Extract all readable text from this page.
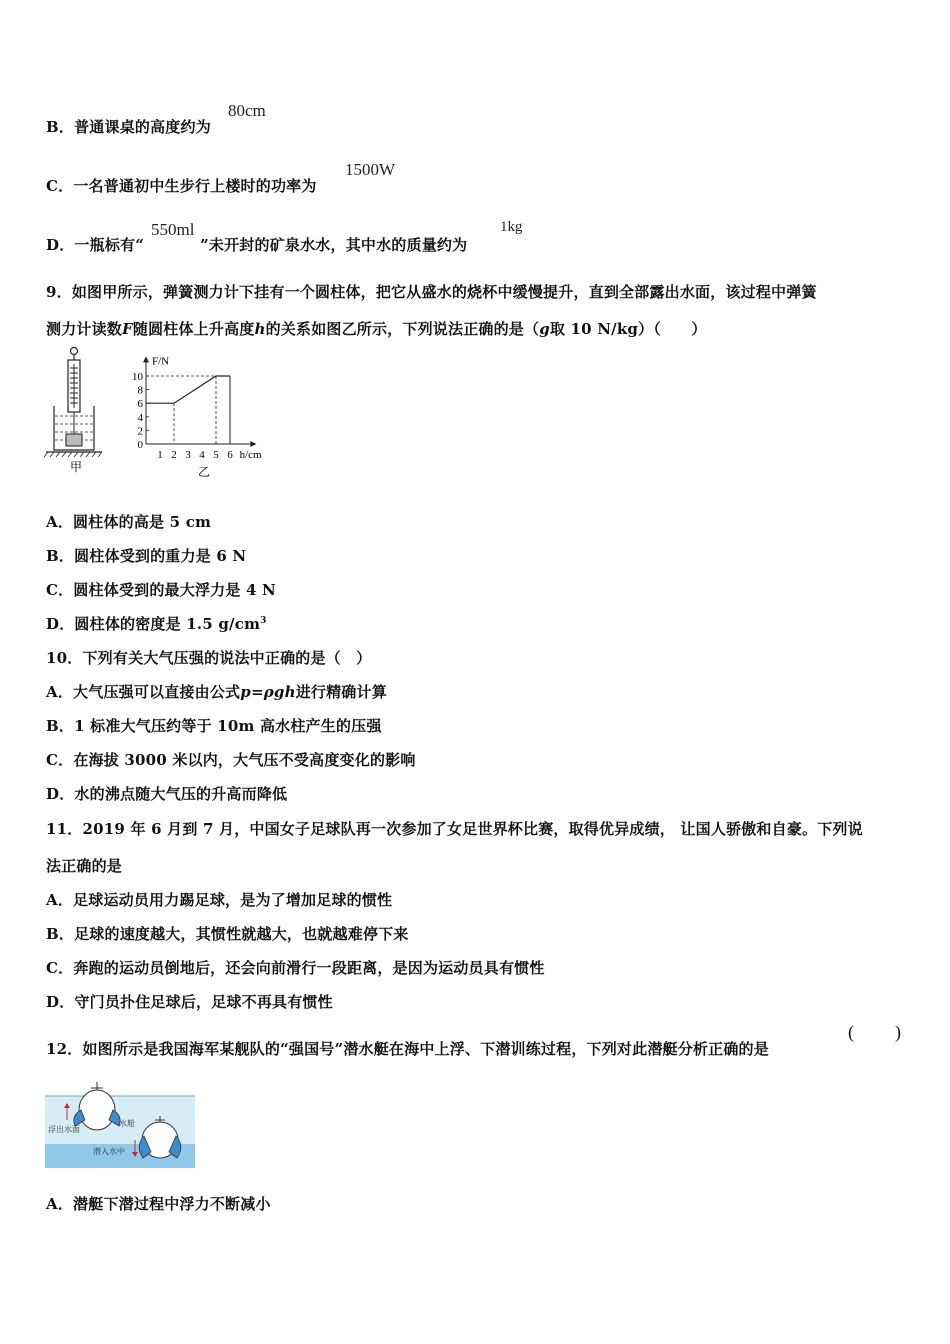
B．普通课桌的高度约为
80cm
C．一名普通初中生步行上楼时的功率为
1500W
D．一瓶标有“	”未开封的矿泉水水，其中水的质量约为
550ml	1kg
9．如图甲所示，弹簧测力计下挂有一个圆柱体，把它从盛水的烧杯中缓慢提升，直到全部露出水面，该过程中弹簧
测力计读数F随圆柱体上升高度h的关系如图乙所示，下列说法正确的是（g取 10 N/kg）（　　）
甲
F/N
h/cm
10
8
6
4
2
0
1 2 3 4 5 6
乙
A．圆柱体的高是 5 cm
B．圆柱体受到的重力是 6 N
C．圆柱体受到的最大浮力是 4 N
D．圆柱体的密度是 1.5 $g/cm^3$
10．下列有关大气压强的说法中正确的是（　）
A．大气压强可以直接由公式p=ρgh进行精确计算
B．1 标准大气压约等于 10m 高水柱产生的压强
C．在海拔 3000 米以内，大气压不受高度变化的影响
D．水的沸点随大气压的升高而降低
11．2019 年 6 月到 7 月，中国女子足球队再一次参加了女足世界杯比赛，取得优异成绩， 让国人骄傲和自豪。下列说
法正确的是
A．足球运动员用力踢足球，是为了增加足球的惯性
B．足球的速度越大，其惯性就越大，也就越难停下来
C．奔跑的运动员倒地后，还会向前滑行一段距离，是因为运动员具有惯性
D．守门员扑住足球后，足球不再具有惯性
12．如图所示是我国海军某舰队的“强国号”潜水艇在海中上浮、下潜训练过程，下列对此潜艇分析正确的是
( )
浮出水面
水舱
潜入水中
A．潜艇下潜过程中浮力不断减小
